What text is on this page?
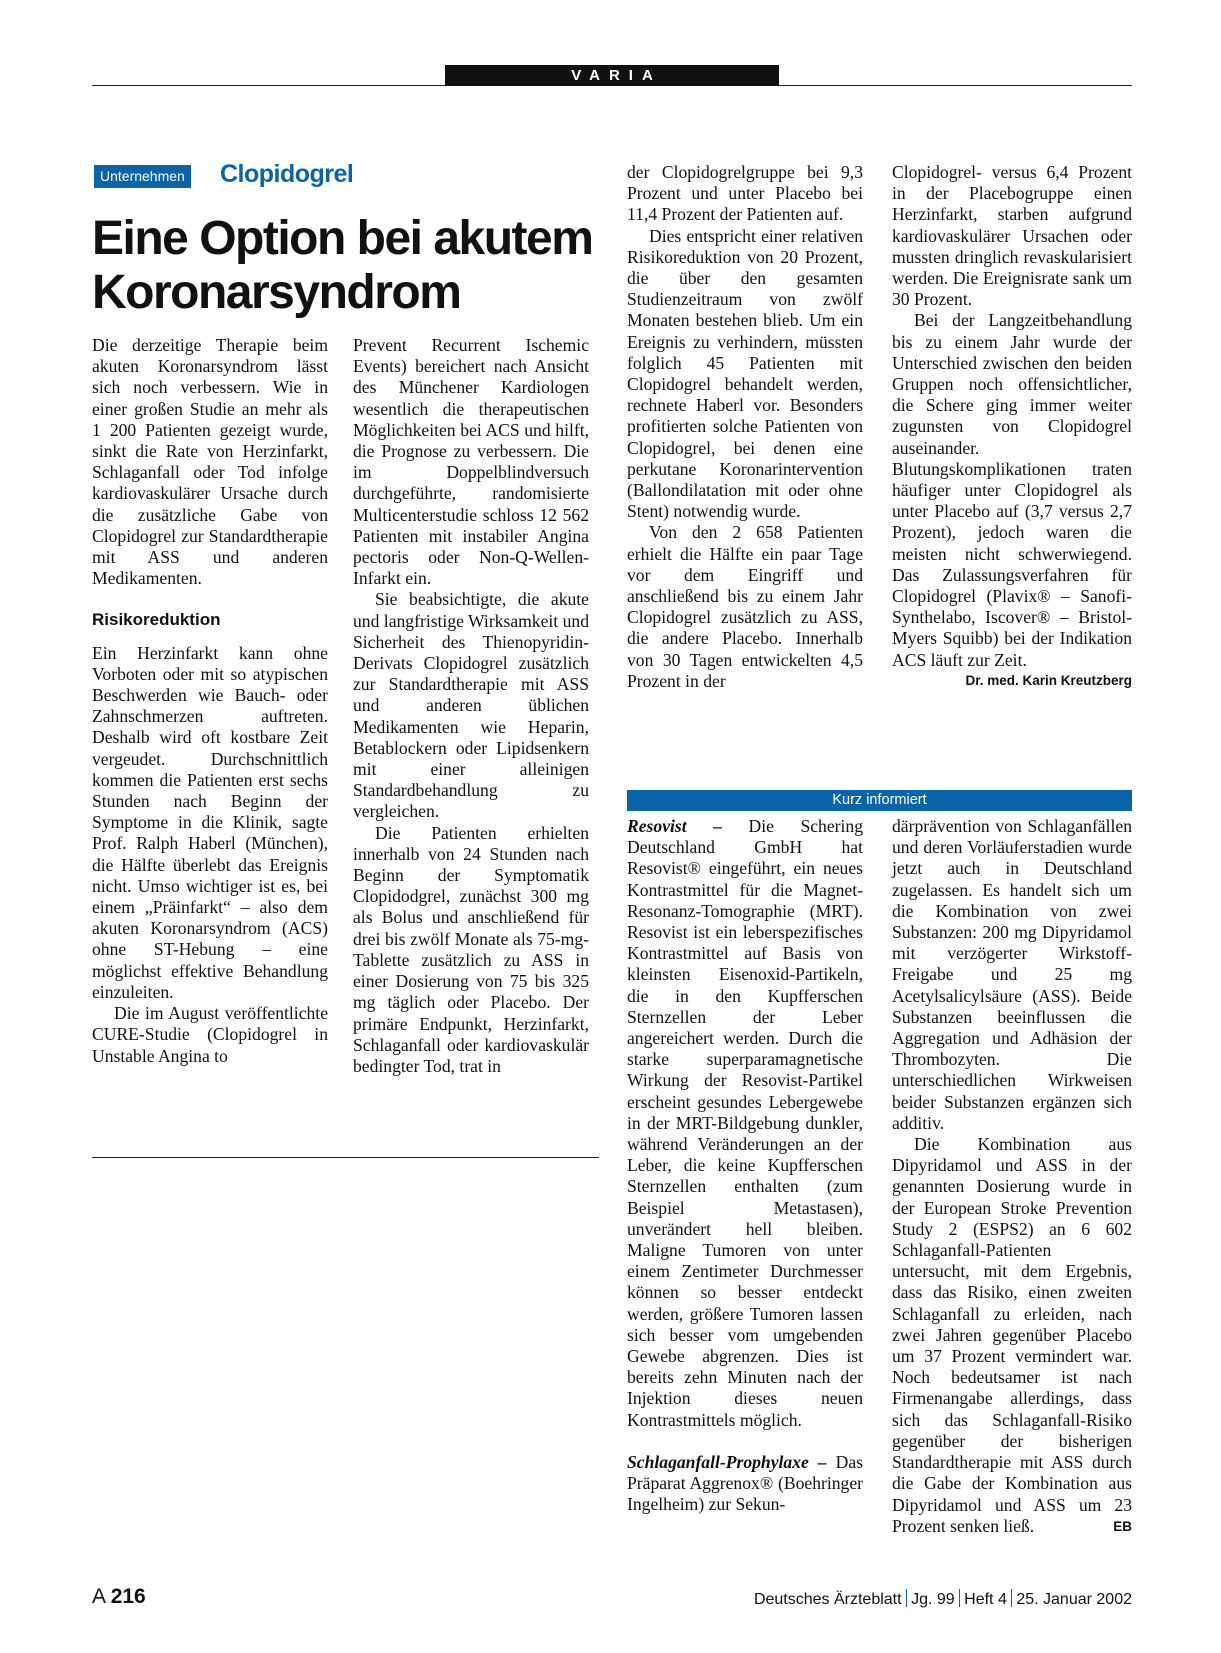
VARIA
Unternehmen Clopidogrel
Eine Option bei akutem Koronarsyndrom

Die derzeitige Therapie beim akuten Koronarsyndrom lässt sich noch verbessern. Wie in einer großen Studie an mehr als 1 200 Patienten gezeigt wurde, sinkt die Rate von Herzinfarkt, Schlaganfall oder Tod infolge kardiovaskulärer Ursache durch die zusätzliche Gabe von Clopidogrel zur Standardtherapie mit ASS und anderen Medikamenten.

Risikoreduktion

Ein Herzinfarkt kann ohne Vorboten oder mit so atypischen Beschwerden wie Bauch- oder Zahnschmerzen auftreten. Deshalb wird oft kostbare Zeit vergeudet. Durchschnittlich kommen die Patienten erst sechs Stunden nach Beginn der Symptome in die Klinik, sagte Prof. Ralph Haberl (München), die Hälfte überlebt das Ereignis nicht. Umso wichtiger ist es, bei einem „Präinfarkt“ – also dem akuten Koronarsyndrom (ACS) ohne ST-Hebung – eine möglichst effektive Behandlung einzuleiten.

Die im August veröffentlichte CURE-Studie (Clopidogrel in Unstable Angina to

Prevent Recurrent Ischemic Events) bereichert nach Ansicht des Münchener Kardiologen wesentlich die therapeutischen Möglichkeiten bei ACS und hilft, die Prognose zu verbessern. Die im Doppelblindversuch durchgeführte, randomisierte Multicenterstudie schloss 12 562 Patienten mit instabiler Angina pectoris oder Non-Q-Wellen-Infarkt ein.

Sie beabsichtigte, die akute und langfristige Wirksamkeit und Sicherheit des Thienopyridin-Derivats Clopidogrel zusätzlich zur Standardtherapie mit ASS und anderen üblichen Medikamenten wie Heparin, Betablockern oder Lipidsenkern mit einer alleinigen Standardbehandlung zu vergleichen.

Die Patienten erhielten innerhalb von 24 Stunden nach Beginn der Symptomatik Clopidodgrel, zunächst 300 mg als Bolus und anschließend für drei bis zwölf Monate als 75-mg-Tablette zusätzlich zu ASS in einer Dosierung von 75 bis 325 mg täglich oder Placebo. Der primäre Endpunkt, Herzinfarkt, Schlaganfall oder kardiovaskulär bedingter Tod, trat in

der Clopidogrelgruppe bei 9,3 Prozent und unter Placebo bei 11,4 Prozent der Patienten auf.

Dies entspricht einer relativen Risikoreduktion von 20 Prozent, die über den gesamten Studienzeitraum von zwölf Monaten bestehen blieb. Um ein Ereignis zu verhindern, müssten folglich 45 Patienten mit Clopidogrel behandelt werden, rechnete Haberl vor. Besonders profitierten solche Patienten von Clopidogrel, bei denen eine perkutane Koronarintervention (Ballondilatation mit oder ohne Stent) notwendig wurde.

Von den 2 658 Patienten erhielt die Hälfte ein paar Tage vor dem Eingriff und anschließend bis zu einem Jahr Clopidogrel zusätzlich zu ASS, die andere Placebo. Innerhalb von 30 Tagen entwickelten 4,5 Prozent in der

Clopidogrel- versus 6,4 Prozent in der Placebogruppe einen Herzinfarkt, starben aufgrund kardiovaskulärer Ursachen oder mussten dringlich revaskularisiert werden. Die Ereignisrate sank um 30 Prozent.

Bei der Langzeitbehandlung bis zu einem Jahr wurde der Unterschied zwischen den beiden Gruppen noch offensichtlicher, die Schere ging immer weiter zugunsten von Clopidogrel auseinander. Blutungskomplikationen traten häufiger unter Clopidogrel als unter Placebo auf (3,7 versus 2,7 Prozent), jedoch waren die meisten nicht schwerwiegend. Das Zulassungsverfahren für Clopidogrel (Plavix® – Sanofi-Synthelabo, Iscover® – Bristol-Myers Squibb) bei der Indikation ACS läuft zur Zeit.

Dr. med. Karin Kreutzberg
Kurz informiert

Resovist – Die Schering Deutschland GmbH hat Resovist® eingeführt, ein neues Kontrastmittel für die Magnet-Resonanz-Tomographie (MRT). Resovist ist ein leberspezifisches Kontrastmittel auf Basis von kleinsten Eisenoxid-Partikeln, die in den Kupfferschen Sternzellen der Leber angereichert werden. Durch die starke superparamagnetische Wirkung der Resovist-Partikel erscheint gesundes Lebergewebe in der MRT-Bildgebung dunkler, während Veränderungen an der Leber, die keine Kupfferschen Sternzellen enthalten (zum Beispiel Metastasen), unverändert hell bleiben. Maligne Tumoren von unter einem Zentimeter Durchmesser können so besser entdeckt werden, größere Tumoren lassen sich besser vom umgebenden Gewebe abgrenzen. Dies ist bereits zehn Minuten nach der Injektion dieses neuen Kontrastmittels möglich.

Schlaganfall-Prophylaxe – Das Präparat Aggrenox® (Boehringer Ingelheim) zur Sekun-

därprävention von Schlaganfällen und deren Vorläuferstadien wurde jetzt auch in Deutschland zugelassen. Es handelt sich um die Kombination von zwei Substanzen: 200 mg Dipyridamol mit verzögerter Wirkstoff-Freigabe und 25 mg Acetylsalicylsäure (ASS). Beide Substanzen beeinflussen die Aggregation und Adhäsion der Thrombozyten. Die unterschiedlichen Wirkweisen beider Substanzen ergänzen sich additiv.

Die Kombination aus Dipyridamol und ASS in der genannten Dosierung wurde in der European Stroke Prevention Study 2 (ESPS2) an 6 602 Schlaganfall-Patienten untersucht, mit dem Ergebnis, dass das Risiko, einen zweiten Schlaganfall zu erleiden, nach zwei Jahren gegenüber Placebo um 37 Prozent vermindert war. Noch bedeutsamer ist nach Firmenangabe allerdings, dass sich das Schlaganfall-Risiko gegenüber der bisherigen Standardtherapie mit ASS durch die Gabe der Kombination aus Dipyridamol und ASS um 23 Prozent senken ließ.	EB

A 216	Deutsches Ärzteblatt Jg. 99 Heft 4 25. Januar 2002
